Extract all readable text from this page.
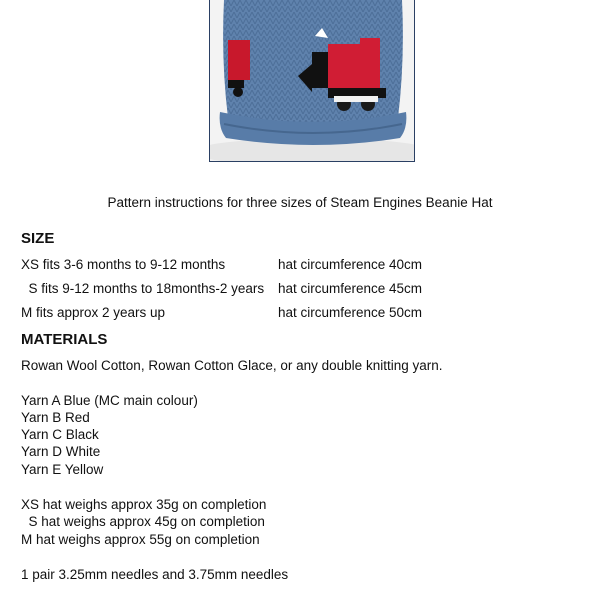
Pattern instructions for three sizes of Steam Engines Beanie Hat
SIZE
XS fits 3-6 months to 9-12 months	hat circumference 40cm
S fits 9-12 months to 18months-2 years hat circumference 45cm
M fits approx 2 years up	hat circumference 50cm
MATERIALS
Rowan Wool Cotton, Rowan Cotton Glace, or any double knitting yarn.
Yarn A Blue (MC main colour)
Yarn B Red
Yarn C Black
Yarn D White
Yarn E Yellow
XS hat weighs approx 35g on completion
S hat weighs approx 45g on completion
M hat weighs approx 55g on completion
1 pair 3.25mm needles and 3.75mm needles
